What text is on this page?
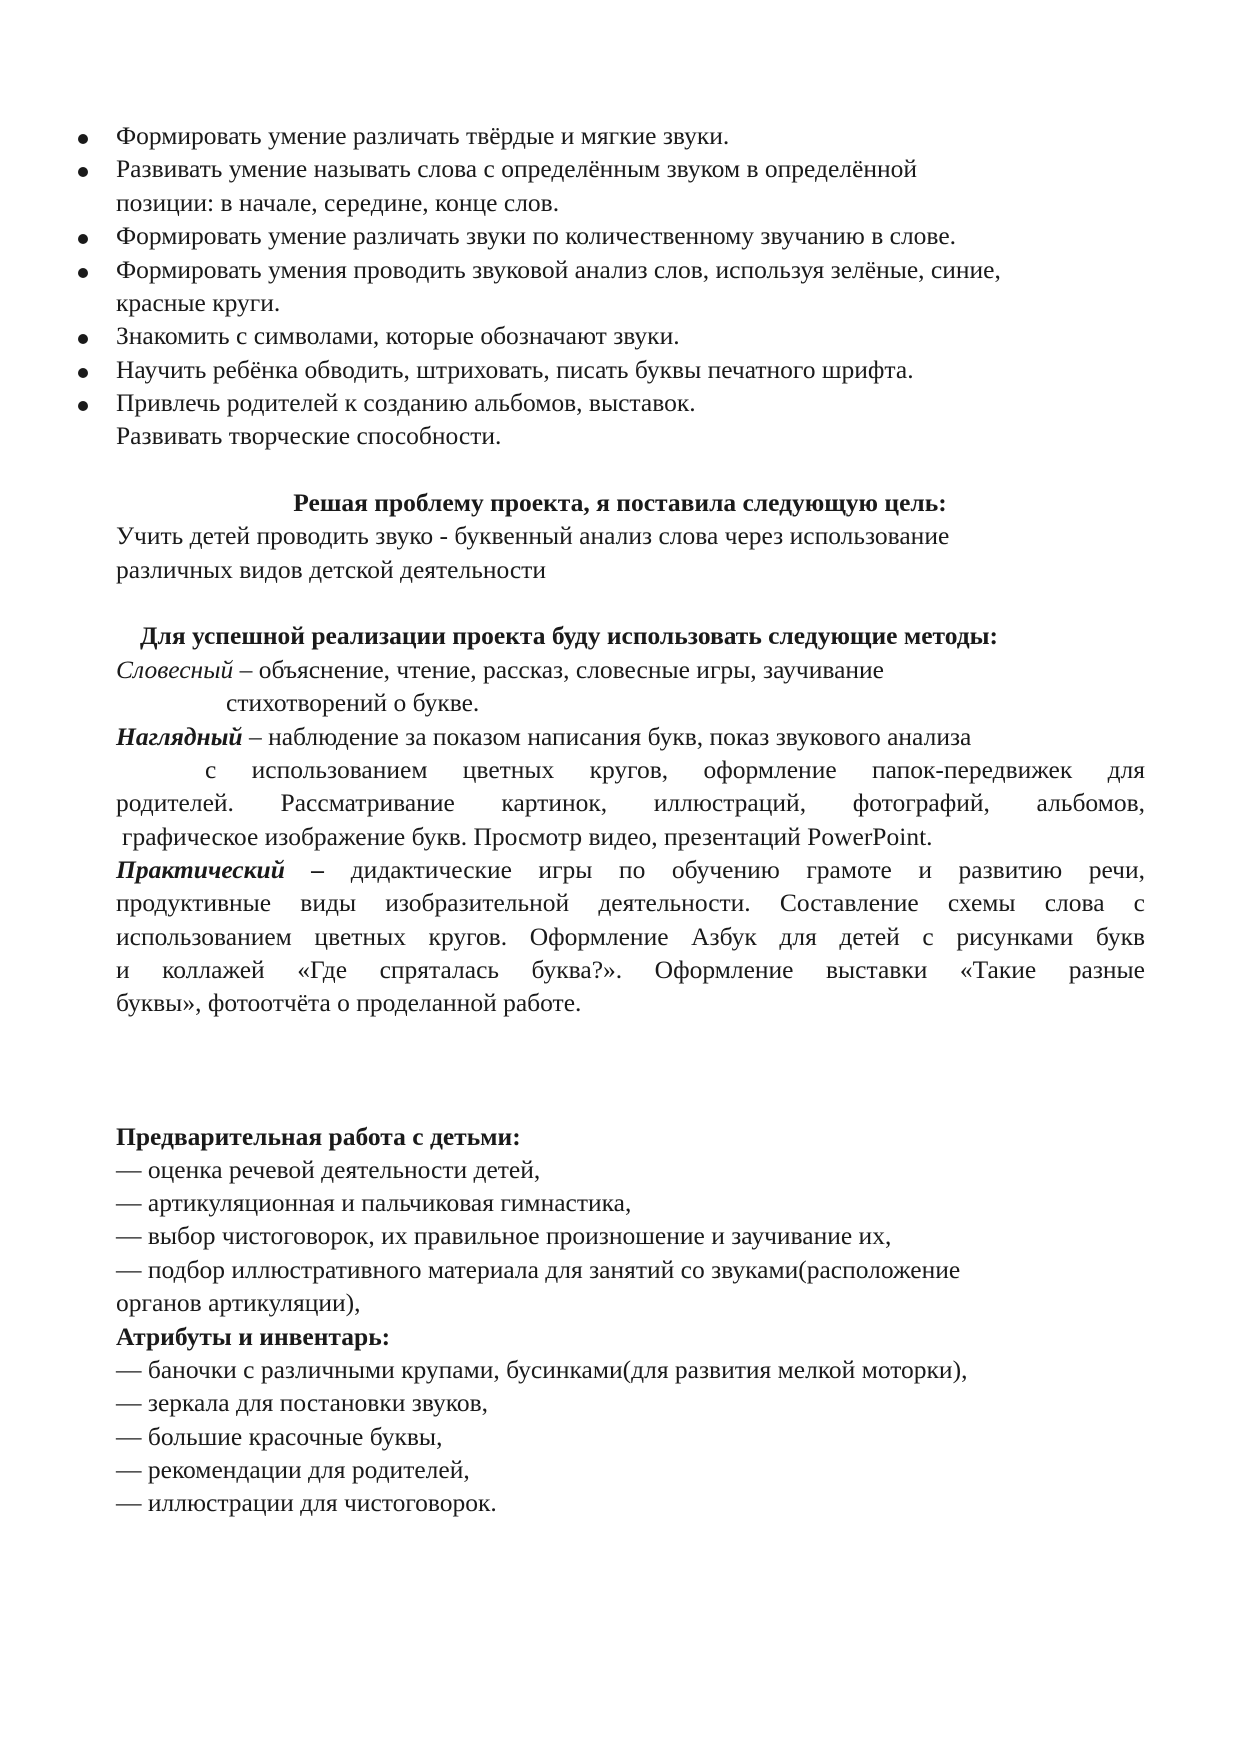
Формировать умение различать твёрдые и мягкие звуки.
Развивать умение называть слова с определённым звуком в определённой
позиции: в начале, середине, конце слов.
Формировать умение различать звуки по количественному звучанию в слове.
Формировать умения проводить звуковой анализ слов, используя зелёные, синие,
красные круги.
Знакомить с символами, которые обозначают звуки.
Научить ребёнка обводить, штриховать, писать буквы печатного шрифта.
Привлечь родителей к созданию альбомов, выставок.
Развивать творческие способности.
Решая проблему проекта, я поставила следующую цель:
Учить детей проводить звуко - буквенный анализ слова через использование
различных видов детской деятельности
Для успешной реализации проекта буду использовать следующие методы:
Словесный – объяснение, чтение, рассказ, словесные игры, заучивание
стихотворений о букве.
Наглядный – наблюдение за показом написания букв, показ звукового анализа
с использованием цветных кругов, оформление папок-передвижек для
родителей. Рассматривание картинок, иллюстраций, фотографий, альбомов,
графическое изображение букв. Просмотр видео, презентаций PowerPoint.
Практический – дидактические игры по обучению грамоте и развитию речи,
продуктивные виды изобразительной деятельности. Составление схемы слова с
использованием цветных кругов. Оформление Азбук для детей с рисунками букв
и коллажей «Где спряталась буква?». Оформление выставки «Такие разные
буквы», фотоотчёта о проделанной работе.
Предварительная работа с детьми:
— оценка речевой деятельности детей,
— артикуляционная и пальчиковая гимнастика,
— выбор чистоговорок, их правильное произношение и заучивание их,
— подбор иллюстративного материала для занятий со звуками(расположение
органов артикуляции),
Атрибуты и инвентарь:
— баночки с различными крупами, бусинками(для развития мелкой моторки),
— зеркала для постановки звуков,
— большие красочные буквы,
— рекомендации для родителей,
— иллюстрации для чистоговорок.
